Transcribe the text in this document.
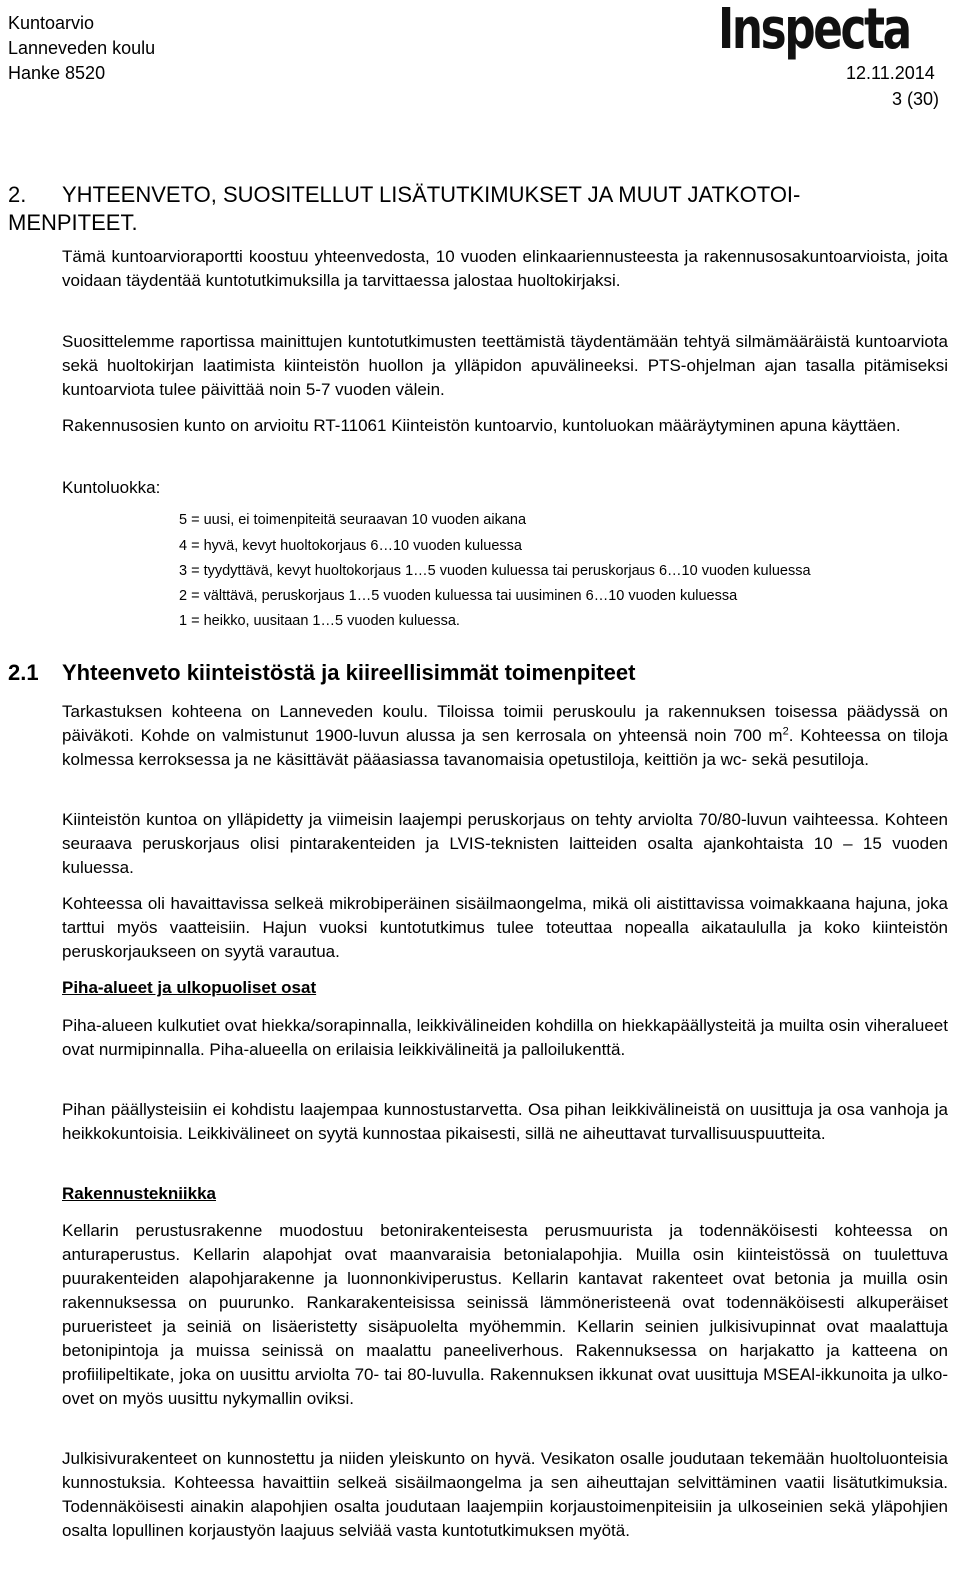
Kuntoarvio
Lanneveden koulu
Hanke 8520	12.11.2014
3 (30)
Inspecta
2. YHTEENVETO, SUOSITELLUT LISÄTUTKIMUKSET JA MUUT JATKOTOI-
MENPITEET.
Tämä kuntoarvioraportti koostuu yhteenvedosta, 10 vuoden elinkaariennusteesta ja rakennusosakuntoarvioista, joita voidaan täydentää kuntotutkimuksilla ja tarvittaessa jalostaa huoltokirjaksi.
Suosittelemme raportissa mainittujen kuntotutkimusten teettämistä täydentämään tehtyä silmämääräistä kuntoarviota sekä huoltokirjan laatimista kiinteistön huollon ja ylläpidon apuvälineeksi. PTS-ohjelman ajan tasalla pitämiseksi kuntoarviota tulee päivittää noin 5-7 vuoden välein.
Rakennusosien kunto on arvioitu RT-11061 Kiinteistön kuntoarvio, kuntoluokan määräytyminen apuna käyttäen.
Kuntoluokka:
5 = uusi, ei toimenpiteitä seuraavan 10 vuoden aikana
4 = hyvä, kevyt huoltokorjaus 6…10 vuoden kuluessa
3 = tyydyttävä, kevyt huoltokorjaus 1…5 vuoden kuluessa tai peruskorjaus 6…10 vuoden kuluessa
2 = välttävä, peruskorjaus 1…5 vuoden kuluessa tai uusiminen 6…10 vuoden kuluessa
1 = heikko, uusitaan 1…5 vuoden kuluessa.
2.1 Yhteenveto kiinteistöstä ja kiireellisimmät toimenpiteet
Tarkastuksen kohteena on Lanneveden koulu. Tiloissa toimii peruskoulu ja rakennuksen toisessa päädyssä on päiväkoti. Kohde on valmistunut 1900-luvun alussa ja sen kerrosala on yhteensä noin 700 $m^2$. Kohteessa on tiloja kolmessa kerroksessa ja ne käsittävät pääasiassa tavanomaisia opetustiloja, keittiön ja wc- sekä pesutiloja.
Kiinteistön kuntoa on ylläpidetty ja viimeisin laajempi peruskorjaus on tehty arviolta 70/80-luvun vaihteessa. Kohteen seuraava peruskorjaus olisi pintarakenteiden ja LVIS-teknisten laitteiden osalta ajankohtaista 10 – 15 vuoden kuluessa.
Kohteessa oli havaittavissa selkeä mikrobiperäinen sisäilmaongelma, mikä oli aistittavissa voimakkaana hajuna, joka tarttui myös vaatteisiin. Hajun vuoksi kuntotutkimus tulee toteuttaa nopealla aikataululla ja koko kiinteistön peruskorjaukseen on syytä varautua.
Piha-alueet ja ulkopuoliset osat
Piha-alueen kulkutiet ovat hiekka/sorapinnalla, leikkivälineiden kohdilla on hiekkapäällysteitä ja muilta osin viheralueet ovat nurmipinnalla. Piha-alueella on erilaisia leikkivälineitä ja palloilukenttä.
Pihan päällysteisiin ei kohdistu laajempaa kunnostustarvetta. Osa pihan leikkivälineistä on uusittuja ja osa vanhoja ja heikkokuntoisia. Leikkivälineet on syytä kunnostaa pikaisesti, sillä ne aiheuttavat turvallisuuspuutteita.
Rakennustekniikka
Kellarin perustusrakenne muodostuu betonirakenteisesta perusmuurista ja todennäköisesti kohteessa on anturaperustus. Kellarin alapohjat ovat maanvaraisia betonialapohjia. Muilla osin kiinteistössä on tuulettuva puurakenteiden alapohjarakenne ja luonnonkiviperustus. Kellarin kantavat rakenteet ovat betonia ja muilla osin rakennuksessa on puurunko. Rankarakenteisissa seinissä lämmöneristeenä ovat todennäköisesti alkuperäiset purueristeet ja seiniä on lisäeristetty sisäpuolelta myöhemmin. Kellarin seinien julkisivupinnat ovat maalattuja betonipintoja ja muissa seinissä on maalattu paneeliverhous. Rakennuksessa on harjakatto ja katteena on profiilipeltikate, joka on uusittu arviolta 70- tai 80-luvulla. Rakennuksen ikkunat ovat uusittuja MSEAl-ikkunoita ja ulko-ovet on myös uusittu nykymallin oviksi.
Julkisivurakenteet on kunnostettu ja niiden yleiskunto on hyvä. Vesikaton osalle joudutaan tekemään huoltoluonteisia kunnostuksia. Kohteessa havaittiin selkeä sisäilmaongelma ja sen aiheuttajan selvittäminen vaatii lisätutkimuksia. Todennäköisesti ainakin alapohjien osalta joudutaan laajempiin korjaustoimenpiteisiin ja ulkoseinien sekä yläpohjien osalta lopullinen korjaustyön laajuus selviää vasta kuntotutkimuksen myötä.
